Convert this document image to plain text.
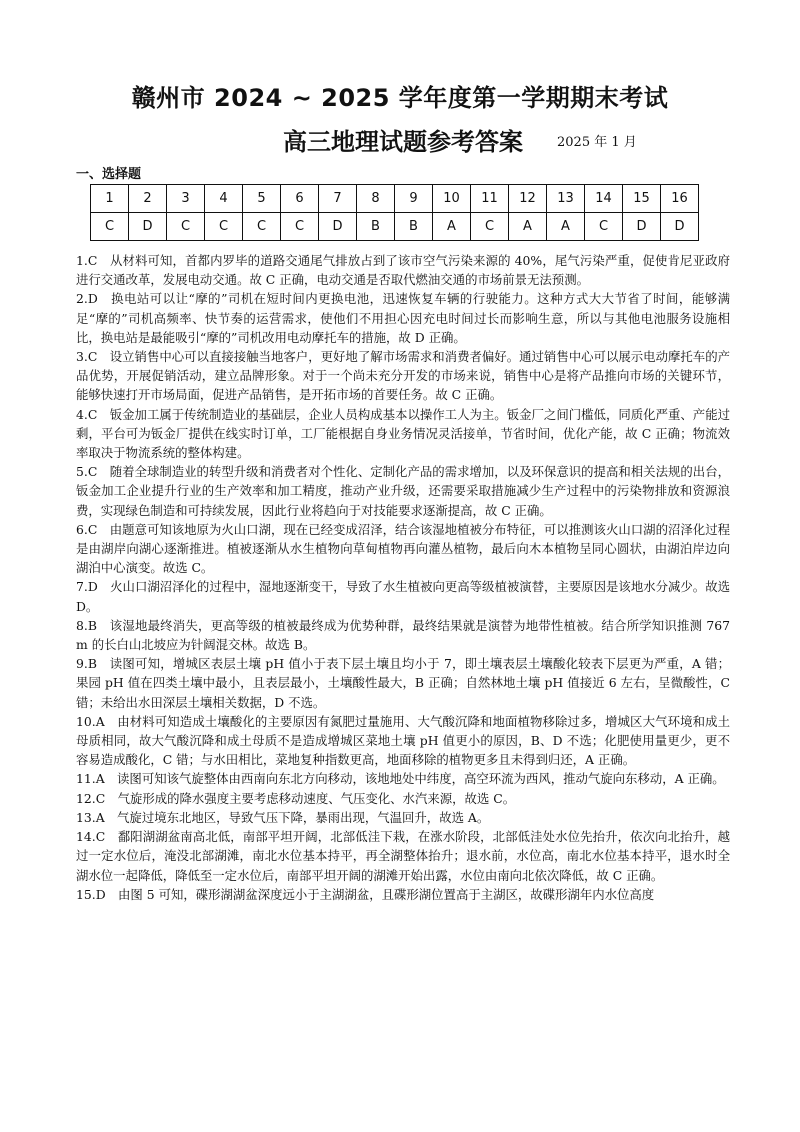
赣州市 2024 ~ 2025 学年度第一学期期末考试
高三地理试题参考答案	2025 年 1 月
一、选择题
1	2	3	4	5	6	7	8	9	10	11	12	13	14	15	16
C	D	C	C	C	C	D	B	B	A	C	A	A	C	D	D

1.C　从材料可知，首都内罗毕的道路交通尾气排放占到了该市空气污染来源的 40%，尾气污染严重，促使肯尼亚政府进行交通改革，发展电动交通。故 C 正确，电动交通是否取代燃油交通的市场前景无法预测。

2.D　换电站可以让“摩的”司机在短时间内更换电池，迅速恢复车辆的行驶能力。这种方式大大节省了时间，能够满足“摩的”司机高频率、快节奏的运营需求，使他们不用担心因充电时间过长而影响生意，所以与其他电池服务设施相比，换电站是最能吸引“摩的”司机改用电动摩托车的措施，故 D 正确。

3.C　设立销售中心可以直接接触当地客户，更好地了解市场需求和消费者偏好。通过销售中心可以展示电动摩托车的产品优势，开展促销活动，建立品牌形象。对于一个尚未充分开发的市场来说，销售中心是将产品推向市场的关键环节，能够快速打开市场局面，促进产品销售，是开拓市场的首要任务。故 C 正确。

4.C　钣金加工属于传统制造业的基础层，企业人员构成基本以操作工人为主。钣金厂之间门槛低，同质化严重、产能过剩，平台可为钣金厂提供在线实时订单，工厂能根据自身业务情况灵活接单，节省时间，优化产能，故 C 正确；物流效率取决于物流系统的整体构建。

5.C　随着全球制造业的转型升级和消费者对个性化、定制化产品的需求增加，以及环保意识的提高和相关法规的出台，钣金加工企业提升行业的生产效率和加工精度，推动产业升级，还需要采取措施减少生产过程中的污染物排放和资源浪费，实现绿色制造和可持续发展，因此行业将趋向于对技能要求逐渐提高，故 C 正确。

6.C　由题意可知该地原为火山口湖，现在已经变成沼泽，结合该湿地植被分布特征，可以推测该火山口湖的沼泽化过程是由湖岸向湖心逐渐推进。植被逐渐从水生植物向草甸植物再向灌丛植物，最后向木本植物呈同心圆状，由湖泊岸边向湖泊中心演变。故选 C。

7.D　火山口湖沼泽化的过程中，湿地逐渐变干，导致了水生植被向更高等级植被演替，主要原因是该地水分减少。故选 D。

8.B　该湿地最终消失，更高等级的植被最终成为优势种群，最终结果就是演替为地带性植被。结合所学知识推测 767m 的长白山北坡应为针阔混交林。故选 B。

9.B　读图可知，增城区表层土壤 pH 值小于表下层土壤且均小于 7，即土壤表层土壤酸化较表下层更为严重，A 错；果园 pH 值在四类土壤中最小，且表层最小，土壤酸性最大，B 正确；自然林地土壤 pH 值接近 6 左右，呈微酸性，C 错；未给出水田深层土壤相关数据，D 不选。

10.A　由材料可知造成土壤酸化的主要原因有氮肥过量施用、大气酸沉降和地面植物移除过多，增城区大气环境和成土母质相同，故大气酸沉降和成土母质不是造成增城区菜地土壤 pH 值更小的原因，B、D 不选；化肥使用量更少，更不容易造成酸化，C 错；与水田相比，菜地复种指数更高，地面移除的植物更多且未得到归还，A 正确。

11.A　读图可知该气旋整体由西南向东北方向移动，该地地处中纬度，高空环流为西风，推动气旋向东移动，A 正确。

12.C　气旋形成的降水强度主要考虑移动速度、气压变化、水汽来源，故选 C。

13.A　气旋过境东北地区，导致气压下降，暴雨出现，气温回升，故选 A。

14.C　鄱阳湖湖盆南高北低，南部平坦开阔，北部低洼下栽，在涨水阶段，北部低洼处水位先抬升，依次向北抬升，越过一定水位后，淹没北部湖滩，南北水位基本持平，再全湖整体抬升；退水前，水位高，南北水位基本持平，退水时全湖水位一起降低，降低至一定水位后，南部平坦开阔的湖滩开始出露，水位由南向北依次降低，故 C 正确。

15.D　由图 5 可知，碟形湖湖盆深度远小于主湖湖盆，且碟形湖位置高于主湖区，故碟形湖年内水位高度
